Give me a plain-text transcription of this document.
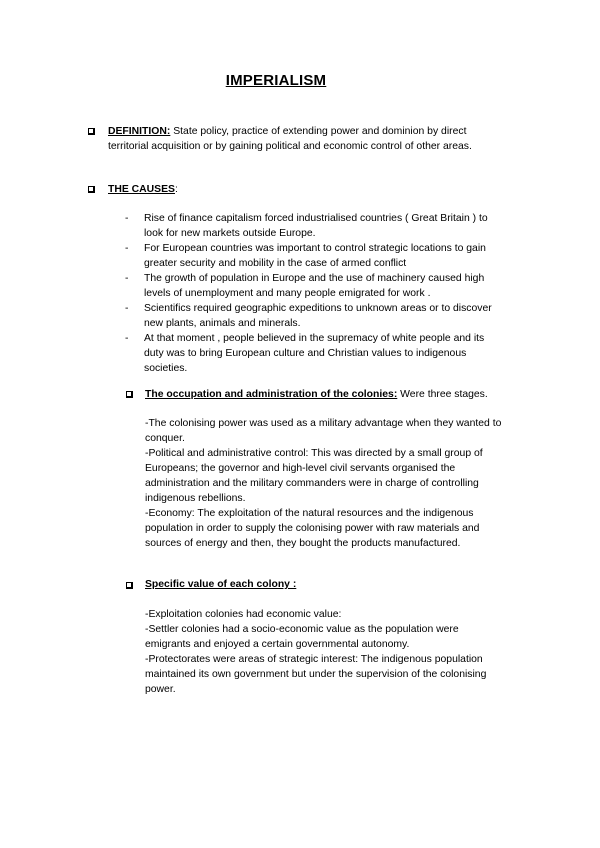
IMPERIALISM

DEFINITION: State policy, practice of extending power and dominion by direct

territorial acquisition or by gaining political and economic control of other areas.

THE CAUSES:
- Rise of finance capitalism forced industrialised countries ( Great Britain ) to

look for new markets outside Europe.

- For European countries was important to control strategic locations to gain

greater security and mobility in the case of armed conflict

- The growth of population in Europe and the use of machinery caused high

levels of unemployment and many people emigrated for work .

- Scientifics required geographic expeditions to unknown areas or to discover

new plants, animals and minerals.

- At that moment , people believed in the supremacy of white people and its

duty was to bring European culture and Christian values to indigenous

societies.

The occupation and administration of the colonies: Were three stages.

-The colonising power was used as a military advantage when they wanted to

conquer.

-Political and administrative control: This was directed by a small group of

Europeans; the governor and high-level civil servants organised the

administration and the military commanders were in charge of controlling

indigenous rebellions.

-Economy: The exploitation of the natural resources and the indigenous

population in order to supply the colonising power with raw materials and

sources of energy and then, they bought the products manufactured.

Specific value of each colony :

-Exploitation colonies had economic value:

-Settler colonies had a socio-economic value as the population were

emigrants and enjoyed a certain governmental autonomy.

-Protectorates were areas of strategic interest: The indigenous population

maintained its own government but under the supervision of the colonising

power.
